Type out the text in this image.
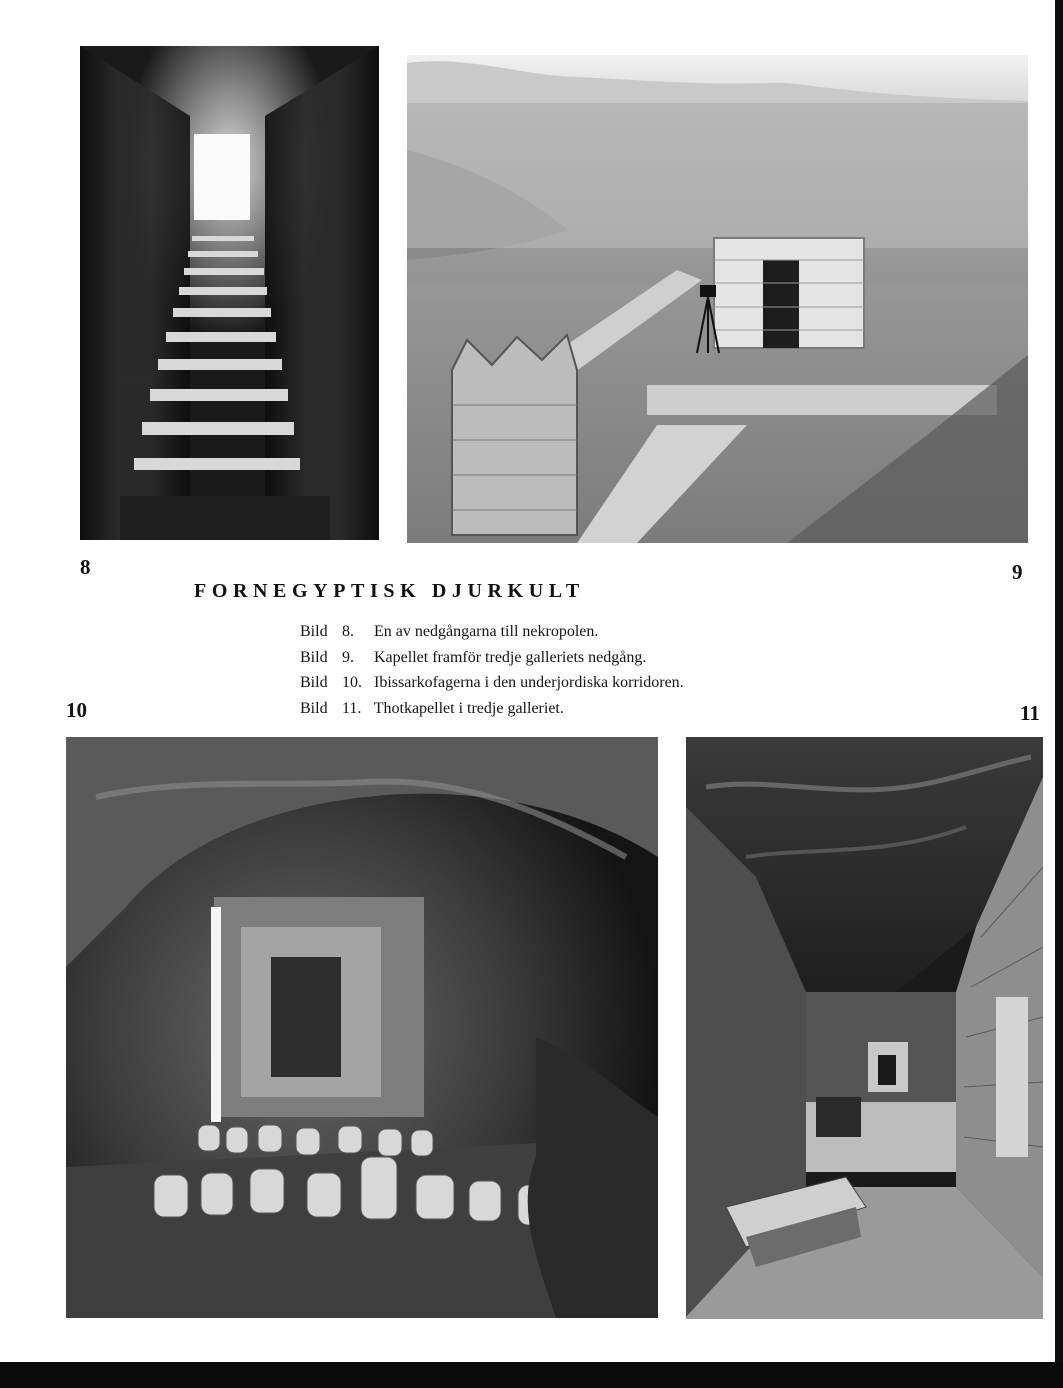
8	9
FORNEGYPTISK DJURKULT
Bild 8. En av nedgångarna till nekropolen.
Bild 9. Kapellet framför tredje galleriets nedgång.
Bild 10. Ibissarkofagerna i den underjordiska korridoren.
Bild 11. Thotkapellet i tredje galleriet.
10	11
